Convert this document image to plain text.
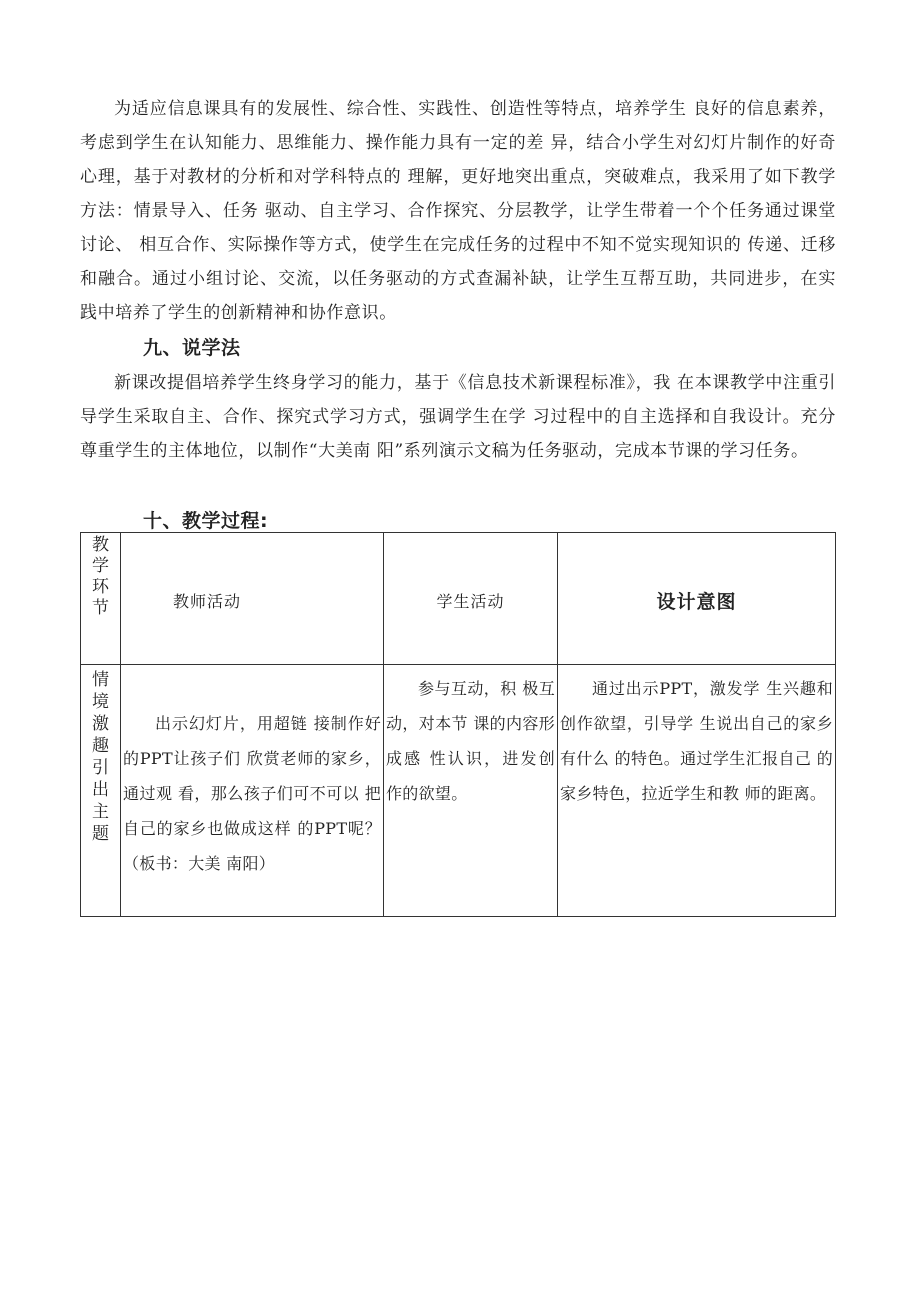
为适应信息课具有的发展性、综合性、实践性、创造性等特点，培养学生 良好的信息素养，考虑到学生在认知能力、思维能力、操作能力具有一定的差 异，结合小学生对幻灯片制作的好奇心理，基于对教材的分析和对学科特点的 理解，更好地突出重点，突破难点，我采用了如下教学方法：情景导入、任务 驱动、自主学习、合作探究、分层教学，让学生带着一个个任务通过课堂讨论、 相互合作、实际操作等方式，使学生在完成任务的过程中不知不觉实现知识的 传递、迁移和融合。通过小组讨论、交流，以任务驱动的方式查漏补缺，让学生互帮互助，共同进步，在实践中培养了学生的创新精神和协作意识。

九、说学法

新课改提倡培养学生终身学习的能力，基于《信息技术新课程标准》，我 在本课教学中注重引导学生采取自主、合作、探究式学习方式，强调学生在学 习过程中的自主选择和自我设计。充分尊重学生的主体地位，以制作“大美南 阳”系列演示文稿为任务驱动，完成本节课的学习任务。

十、教学过程:
教学环节	教师活动	学生活动	设计意图

情境激趣 引出主题	出示幻灯片，用超链 接制作好的PPT让孩子们 欣赏老师的家乡，通过观 看，那么孩子们可不可以 把自己的家乡也做成这样 的PPT呢？（板书：大美 南阳）	参与互动，积 极互动，对本节 课的内容形成感 性认识，进发创 作的欲望。	通过出示PPT，激发学 生兴趣和创作欲望，引导学 生说出自己的家乡有什么 的特色。通过学生汇报自己 的家乡特色，拉近学生和教 师的距离。
